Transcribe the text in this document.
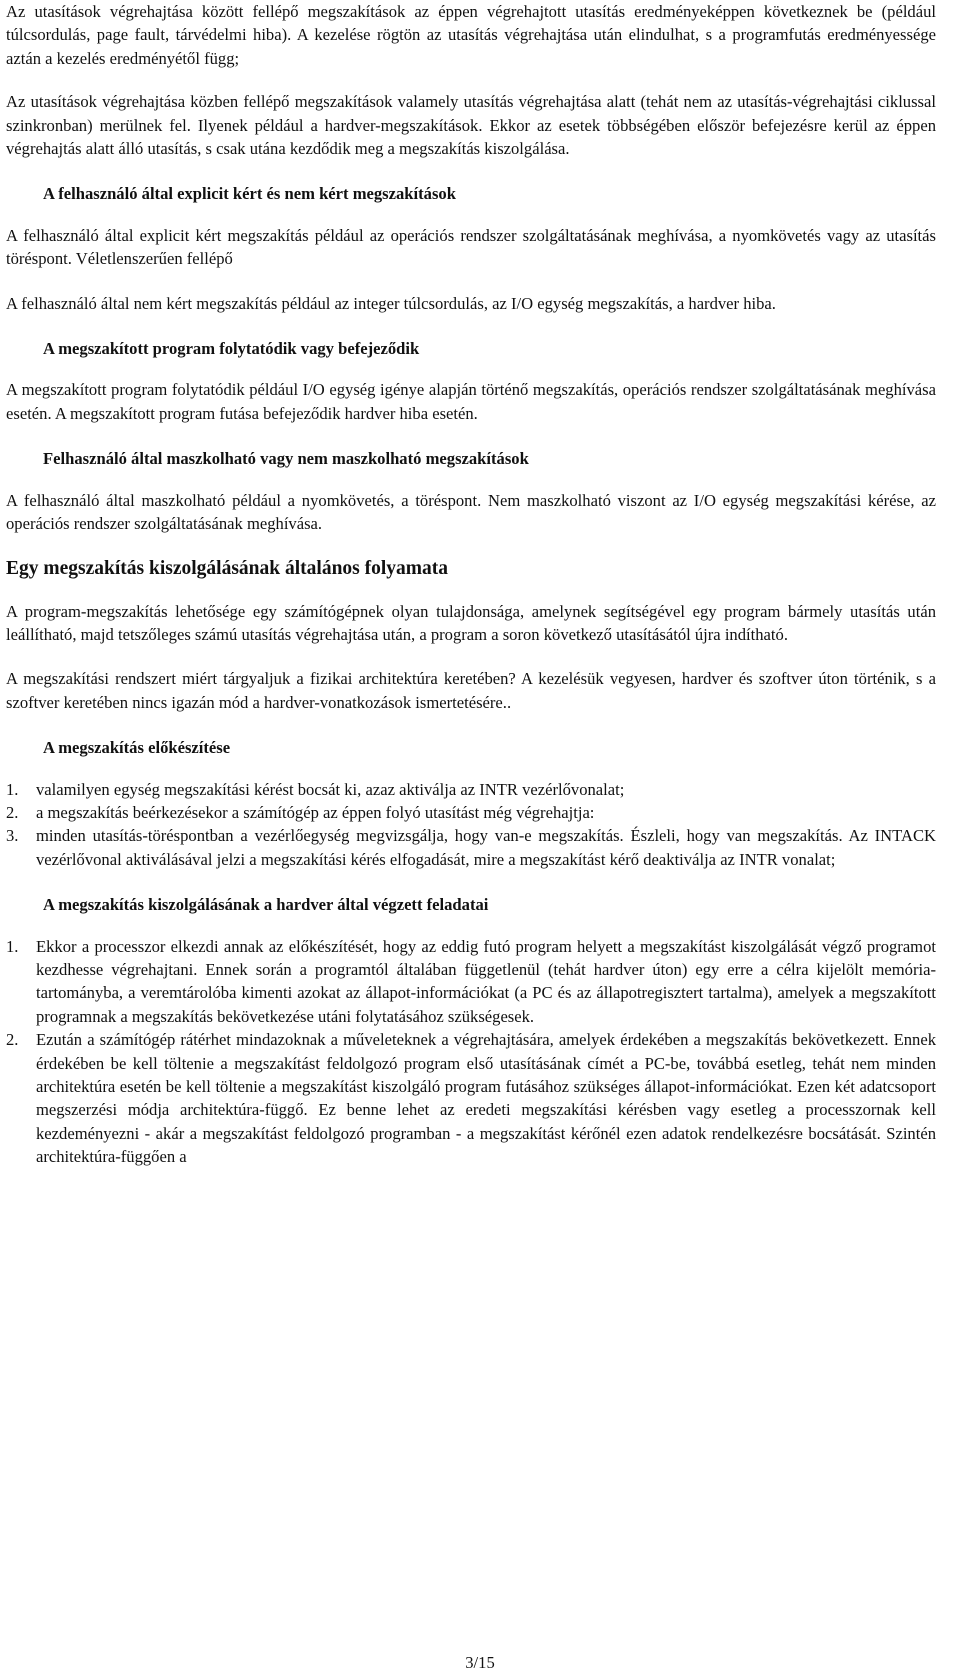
Az utasítások végrehajtása között fellépő megszakítások az éppen végrehajtott utasítás eredményeképpen következnek be (például túlcsordulás, page fault, tárvédelmi hiba). A kezelése rögtön az utasítás végrehajtása után elindulhat, s a programfutás eredményessége aztán a kezelés eredményétől függ;

Az utasítások végrehajtása közben fellépő megszakítások valamely utasítás végrehajtása alatt (tehát nem az utasítás-végrehajtási ciklussal szinkronban) merülnek fel. Ilyenek például a hardver-megszakítások. Ekkor az esetek többségében először befejezésre kerül az éppen végrehajtás alatt álló utasítás, s csak utána kezdődik meg a megszakítás kiszolgálása.

A felhasználó által explicit kért és nem kért megszakítások

A felhasználó által explicit kért megszakítás például az operációs rendszer szolgáltatásának meghívása, a nyomkövetés vagy az utasítás töréspont. Véletlenszerűen fellépő

A felhasználó által nem kért megszakítás például az integer túlcsordulás, az I/O egység megszakítás, a hardver hiba.

A megszakított program folytatódik vagy befejeződik

A megszakított program folytatódik például I/O egység igénye alapján történő megszakítás, operációs rendszer szolgáltatásának meghívása esetén. A megszakított program futása befejeződik hardver hiba esetén.

Felhasználó által maszkolható vagy nem maszkolható megszakítások

A felhasználó által maszkolható például a nyomkövetés, a töréspont. Nem maszkolható viszont az I/O egység megszakítási kérése, az operációs rendszer szolgáltatásának meghívása.

Egy megszakítás kiszolgálásának általános folyamata

A program-megszakítás lehetősége egy számítógépnek olyan tulajdonsága, amelynek segítségével egy program bármely utasítás után leállítható, majd tetszőleges számú utasítás végrehajtása után, a program a soron következő utasításától újra indítható.

A megszakítási rendszert miért tárgyaljuk a fizikai architektúra keretében? A kezelésük vegyesen, hardver és szoftver úton történik, s a szoftver keretében nincs igazán mód a hardver-vonatkozások ismertetésére..

A megszakítás előkészítése

1. valamilyen egység megszakítási kérést bocsát ki, azaz aktiválja az INTR vezérlővonalat;
2. a megszakítás beérkezésekor a számítógép az éppen folyó utasítást még végrehajtja:
3. minden utasítás-töréspontban a vezérlőegység megvizsgálja, hogy van-e megszakítás. Észleli, hogy van megszakítás. Az INTACK vezérlővonal aktiválásával jelzi a megszakítási kérés elfogadását, mire a megszakítást kérő deaktiválja az INTR vonalat;

A megszakítás kiszolgálásának a hardver által végzett feladatai

1. Ekkor a processzor elkezdi annak az előkészítését, hogy az eddig futó program helyett a megszakítást kiszolgálását végző programot kezdhesse végrehajtani. Ennek során a programtól általában függetlenül (tehát hardver úton) egy erre a célra kijelölt memória-tartományba, a veremtárolóba kimenti azokat az állapot-információkat (a PC és az állapotregisztert tartalma), amelyek a megszakított programnak a megszakítás bekövetkezése utáni folytatásához szükségesek.
2. Ezután a számítógép rátérhet mindazoknak a műveleteknek a végrehajtására, amelyek érdekében a megszakítás bekövetkezett. Ennek érdekében be kell töltenie a megszakítást feldolgozó program első utasításának címét a PC-be, továbbá esetleg, tehát nem minden architektúra esetén be kell töltenie a megszakítást kiszolgáló program futásához szükséges állapot-információkat. Ezen két adatcsoport megszerzési módja architektúra-függő. Ez benne lehet az eredeti megszakítási kérésben vagy esetleg a processzornak kell kezdeményezni - akár a megszakítást feldolgozó programban - a megszakítást kérőnél ezen adatok rendelkezésre bocsátását. Szintén architektúra-függően a
3/15
